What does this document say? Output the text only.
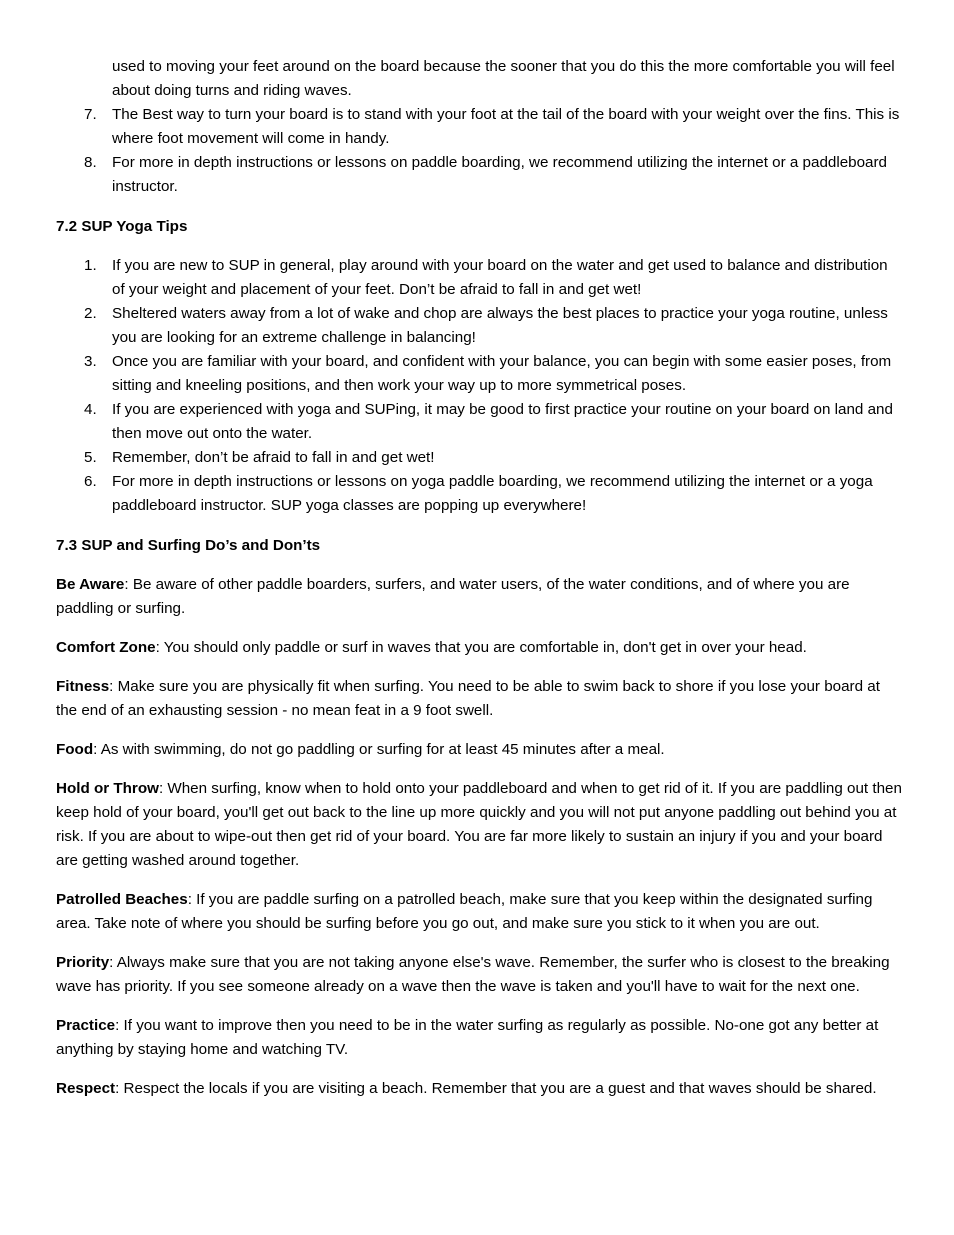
used to moving your feet around on the board because the sooner that you do this the more comfortable you will feel about doing turns and riding waves.

7.	The Best way to turn your board is to stand with your foot at the tail of the board with your weight over the fins. This is where foot movement will come in handy.
8.	For more in depth instructions or lessons on paddle boarding, we recommend utilizing the internet or a paddleboard instructor.
7.2 SUP Yoga Tips
1.	If you are new to SUP in general, play around with your board on the water and get used to balance and distribution of your weight and placement of your feet. Don’t be afraid to fall in and get wet!
2.	Sheltered waters away from a lot of wake and chop are always the best places to practice your yoga routine, unless you are looking for an extreme challenge in balancing!
3.	Once you are familiar with your board, and confident with your balance, you can begin with some easier poses, from sitting and kneeling positions, and then work your way up to more symmetrical poses.
4.	If you are experienced with yoga and SUPing, it may be good to first practice your routine on your board on land and then move out onto the water.
5.	Remember, don’t be afraid to fall in and get wet!
6.	For more in depth instructions or lessons on yoga paddle boarding, we recommend utilizing the internet or a yoga paddleboard instructor. SUP yoga classes are popping up everywhere!
7.3 SUP and Surfing Do’s and Don’ts

Be Aware: Be aware of other paddle boarders, surfers, and water users, of the water conditions, and of where you are paddling or surfing.

Comfort Zone: You should only paddle or surf in waves that you are comfortable in, don't get in over your head.

Fitness: Make sure you are physically fit when surfing. You need to be able to swim back to shore if you lose your board at the end of an exhausting session - no mean feat in a 9 foot swell.

Food: As with swimming, do not go paddling or surfing for at least 45 minutes after a meal.

Hold or Throw: When surfing, know when to hold onto your paddleboard and when to get rid of it. If you are paddling out then keep hold of your board, you'll get out back to the line up more quickly and you will not put anyone paddling out behind you at risk. If you are about to wipe-out then get rid of your board. You are far more likely to sustain an injury if you and your board are getting washed around together.

Patrolled Beaches: If you are paddle surfing on a patrolled beach, make sure that you keep within the designated surfing area. Take note of where you should be surfing before you go out, and make sure you stick to it when you are out.

Priority: Always make sure that you are not taking anyone else's wave. Remember, the surfer who is closest to the breaking wave has priority. If you see someone already on a wave then the wave is taken and you'll have to wait for the next one.

Practice: If you want to improve then you need to be in the water surfing as regularly as possible. No-one got any better at anything by staying home and watching TV.

Respect: Respect the locals if you are visiting a beach. Remember that you are a guest and that waves should be shared.
